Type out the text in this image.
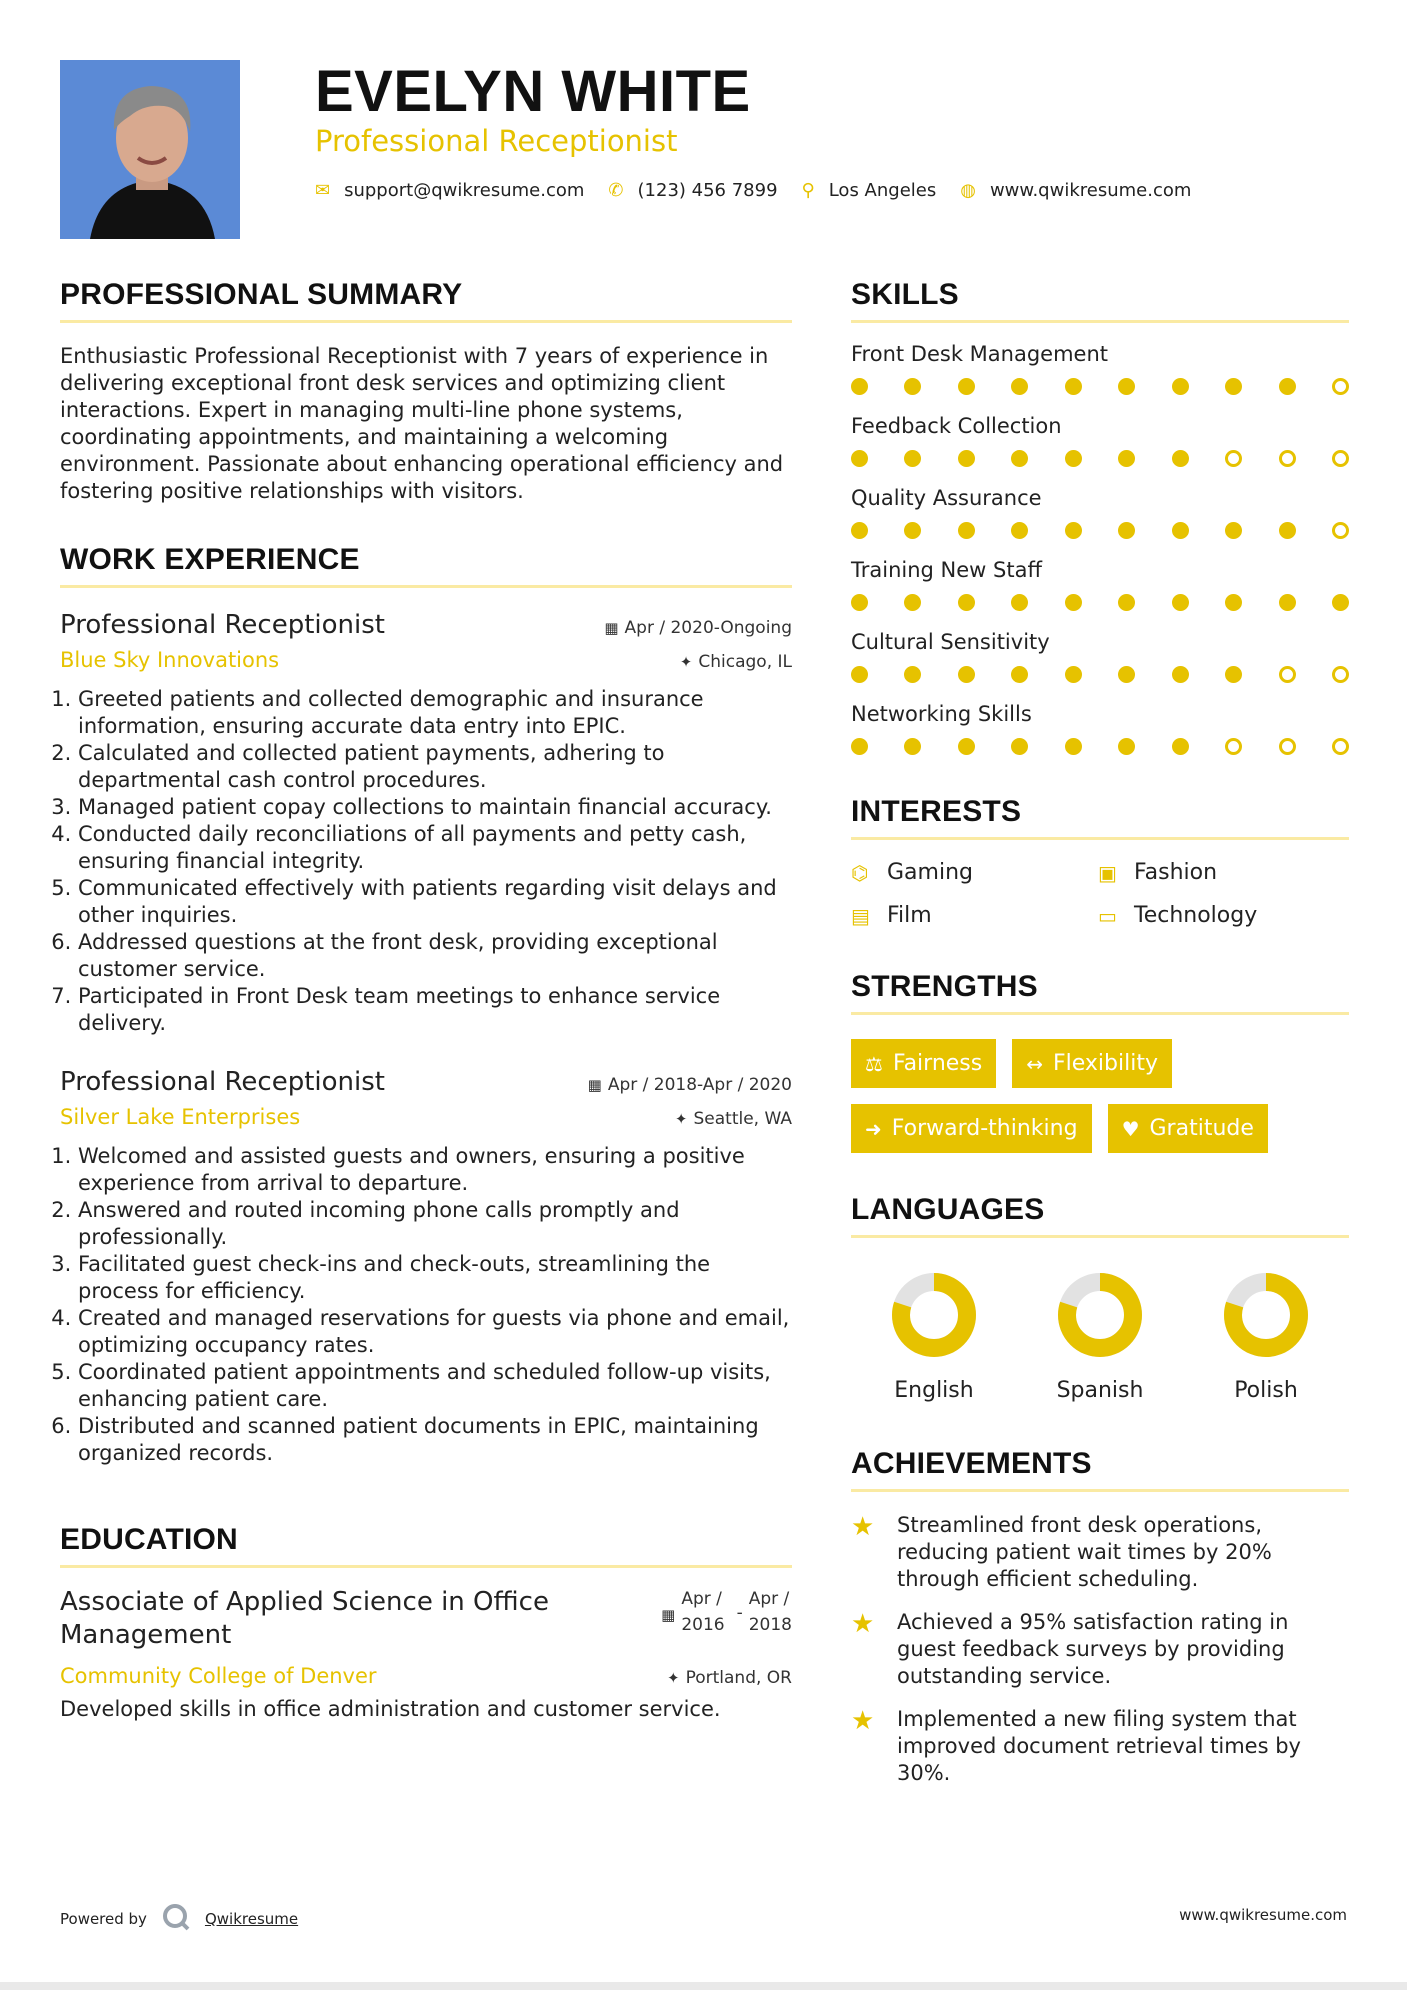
EVELYN WHITE
Professional Receptionist
✉ support@qwikresume.com ✆ (123) 456 7899 ⚲ Los Angeles ◍ www.qwikresume.com
PROFESSIONAL SUMMARY
Enthusiastic Professional Receptionist with 7 years of experience in delivering exceptional front desk services and optimizing client interactions. Expert in managing multi-line phone systems, coordinating appointments, and maintaining a welcoming environment. Passionate about enhancing operational efficiency and fostering positive relationships with visitors.
WORK EXPERIENCE
Professional Receptionist	▦ Apr / 2020-Ongoing
Blue Sky Innovations	✦ Chicago, IL
1. Greeted patients and collected demographic and insurance information, ensuring accurate data entry into EPIC.
2. Calculated and collected patient payments, adhering to departmental cash control procedures.
3. Managed patient copay collections to maintain financial accuracy.
4. Conducted daily reconciliations of all payments and petty cash, ensuring financial integrity.
5. Communicated effectively with patients regarding visit delays and other inquiries.
6. Addressed questions at the front desk, providing exceptional customer service.
7. Participated in Front Desk team meetings to enhance service delivery.
Professional Receptionist	▦ Apr / 2018-Apr / 2020
Silver Lake Enterprises	✦ Seattle, WA
1. Welcomed and assisted guests and owners, ensuring a positive experience from arrival to departure.
2. Answered and routed incoming phone calls promptly and professionally.
3. Facilitated guest check-ins and check-outs, streamlining the process for efficiency.
4. Created and managed reservations for guests via phone and email, optimizing occupancy rates.
5. Coordinated patient appointments and scheduled follow-up visits, enhancing patient care.
6. Distributed and scanned patient documents in EPIC, maintaining organized records.
EDUCATION
Associate of Applied Science in Office Management
▦
Apr /
2016
-
Apr /
2018
Community College of Denver	✦ Portland, OR
Developed skills in office administration and customer service.
SKILLS
Front Desk Management
Feedback Collection
Quality Assurance
Training New Staff
Cultural Sensitivity
Networking Skills
INTERESTS
⌬ Gaming	▣ Fashion
▤ Film	▭ Technology
STRENGTHS
⚖ Fairness ↔ Flexibility
➜ Forward-thinking ♥ Gratitude
LANGUAGES
English	Spanish	Polish
ACHIEVEMENTS
★	Streamlined front desk operations, reducing patient wait times by 20% through efficient scheduling.
★	Achieved a 95% satisfaction rating in guest feedback surveys by providing outstanding service.
★	Implemented a new filing system that improved document retrieval times by 30%.
Powered by	Qwikresume	www.qwikresume.com
